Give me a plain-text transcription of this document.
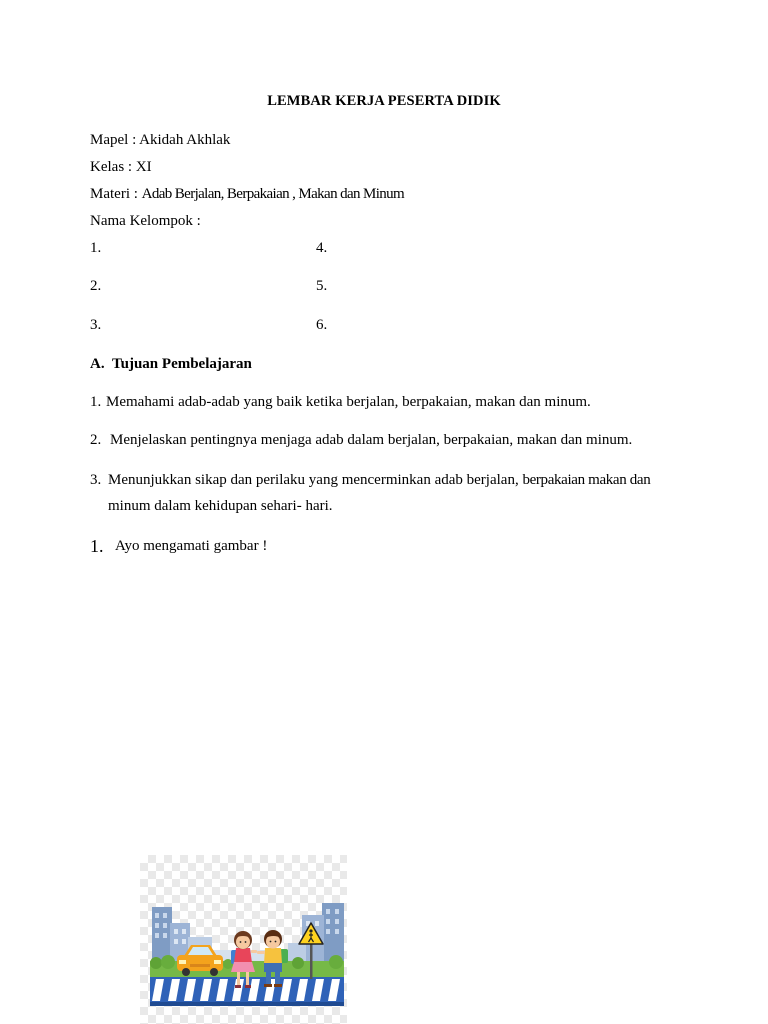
LEMBAR KERJA PESERTA DIDIK
Mapel : Akidah Akhlak
Kelas : XI
Materi : Adab Berjalan, Berpakaian , Makan dan Minum
Nama Kelompok :
1.	4.
2.	5.
3.	6.
A. Tujuan Pembelajaran
1. Memahami adab-adab yang baik ketika berjalan, berpakaian, makan dan minum.
2. Menjelaskan pentingnya menjaga adab dalam berjalan, berpakaian, makan dan minum.
3. Menunjukkan sikap dan perilaku yang mencerminkan adab berjalan, berpakaian makan dan
minum dalam kehidupan sehari- hari.
1. Ayo mengamati gambar !
